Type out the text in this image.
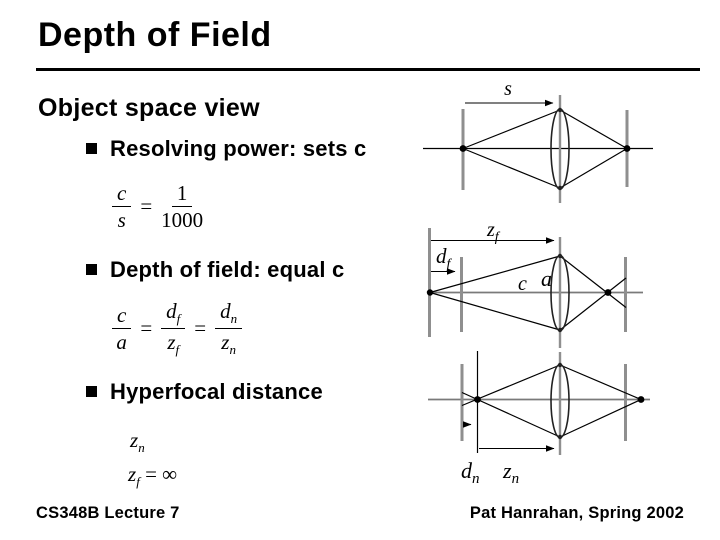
Depth of Field
Object space view
Resolving power: sets c
$\frac{c}{s} = \frac{1}{1000}$
Depth of field: equal c
$\frac{c}{a} = \frac{d_f}{z_f} = \frac{d_n}{z_n}$
Hyperfocal distance
$z_n$
$z_f$ = ∞
s
$z_f$
$d_f$
c a
$d_n$ $z_n$
CS348B Lecture 7	Pat Hanrahan, Spring 2002
